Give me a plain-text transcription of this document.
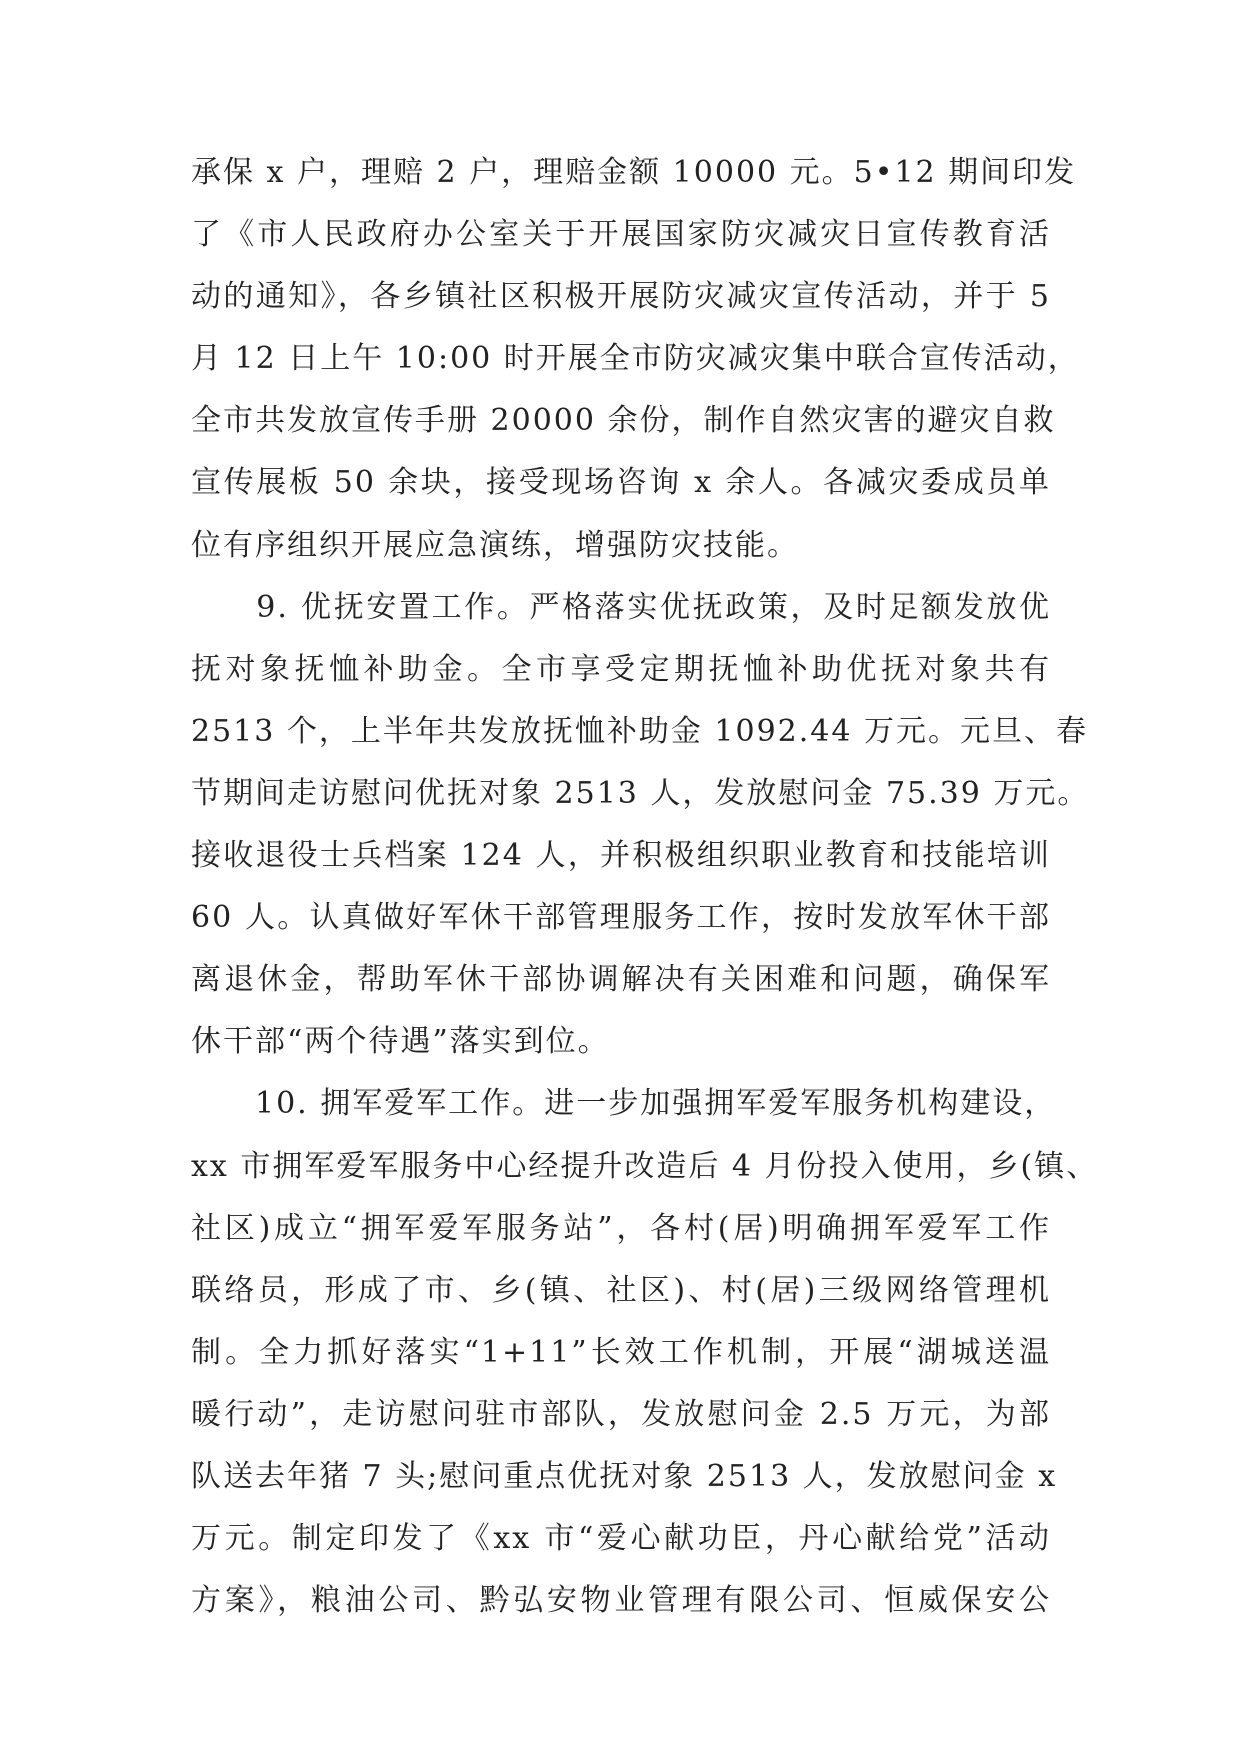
承保 x 户，理赔 2 户，理赔金额 10000 元。5•12 期间印发
了《市人民政府办公室关于开展国家防灾减灾日宣传教育活
动的通知》，各乡镇社区积极开展防灾减灾宣传活动，并于 5
月 12 日上午 10:00 时开展全市防灾减灾集中联合宣传活动，
全市共发放宣传手册 20000 余份，制作自然灾害的避灾自救
宣传展板 50 余块，接受现场咨询 x 余人。各减灾委成员单
位有序组织开展应急演练，增强防灾技能。
　　9. 优抚安置工作。严格落实优抚政策，及时足额发放优
抚对象抚恤补助金。全市享受定期抚恤补助优抚对象共有
2513 个，上半年共发放抚恤补助金 1092.44 万元。元旦、春
节期间走访慰问优抚对象 2513 人，发放慰问金 75.39 万元。
接收退役士兵档案 124 人，并积极组织职业教育和技能培训
60 人。认真做好军休干部管理服务工作，按时发放军休干部
离退休金，帮助军休干部协调解决有关困难和问题，确保军
休干部“两个待遇”落实到位。
　　10. 拥军爱军工作。进一步加强拥军爱军服务机构建设，
xx 市拥军爱军服务中心经提升改造后 4 月份投入使用，乡(镇、
社区)成立“拥军爱军服务站”，各村(居)明确拥军爱军工作
联络员，形成了市、乡(镇、社区)、村(居)三级网络管理机
制。全力抓好落实“1+11”长效工作机制，开展“湖城送温
暖行动”，走访慰问驻市部队，发放慰问金 2.5 万元，为部
队送去年猪 7 头;慰问重点优抚对象 2513 人，发放慰问金 x
万元。制定印发了《xx 市“爱心献功臣，丹心献给党”活动
方案》，粮油公司、黔弘安物业管理有限公司、恒威保安公
